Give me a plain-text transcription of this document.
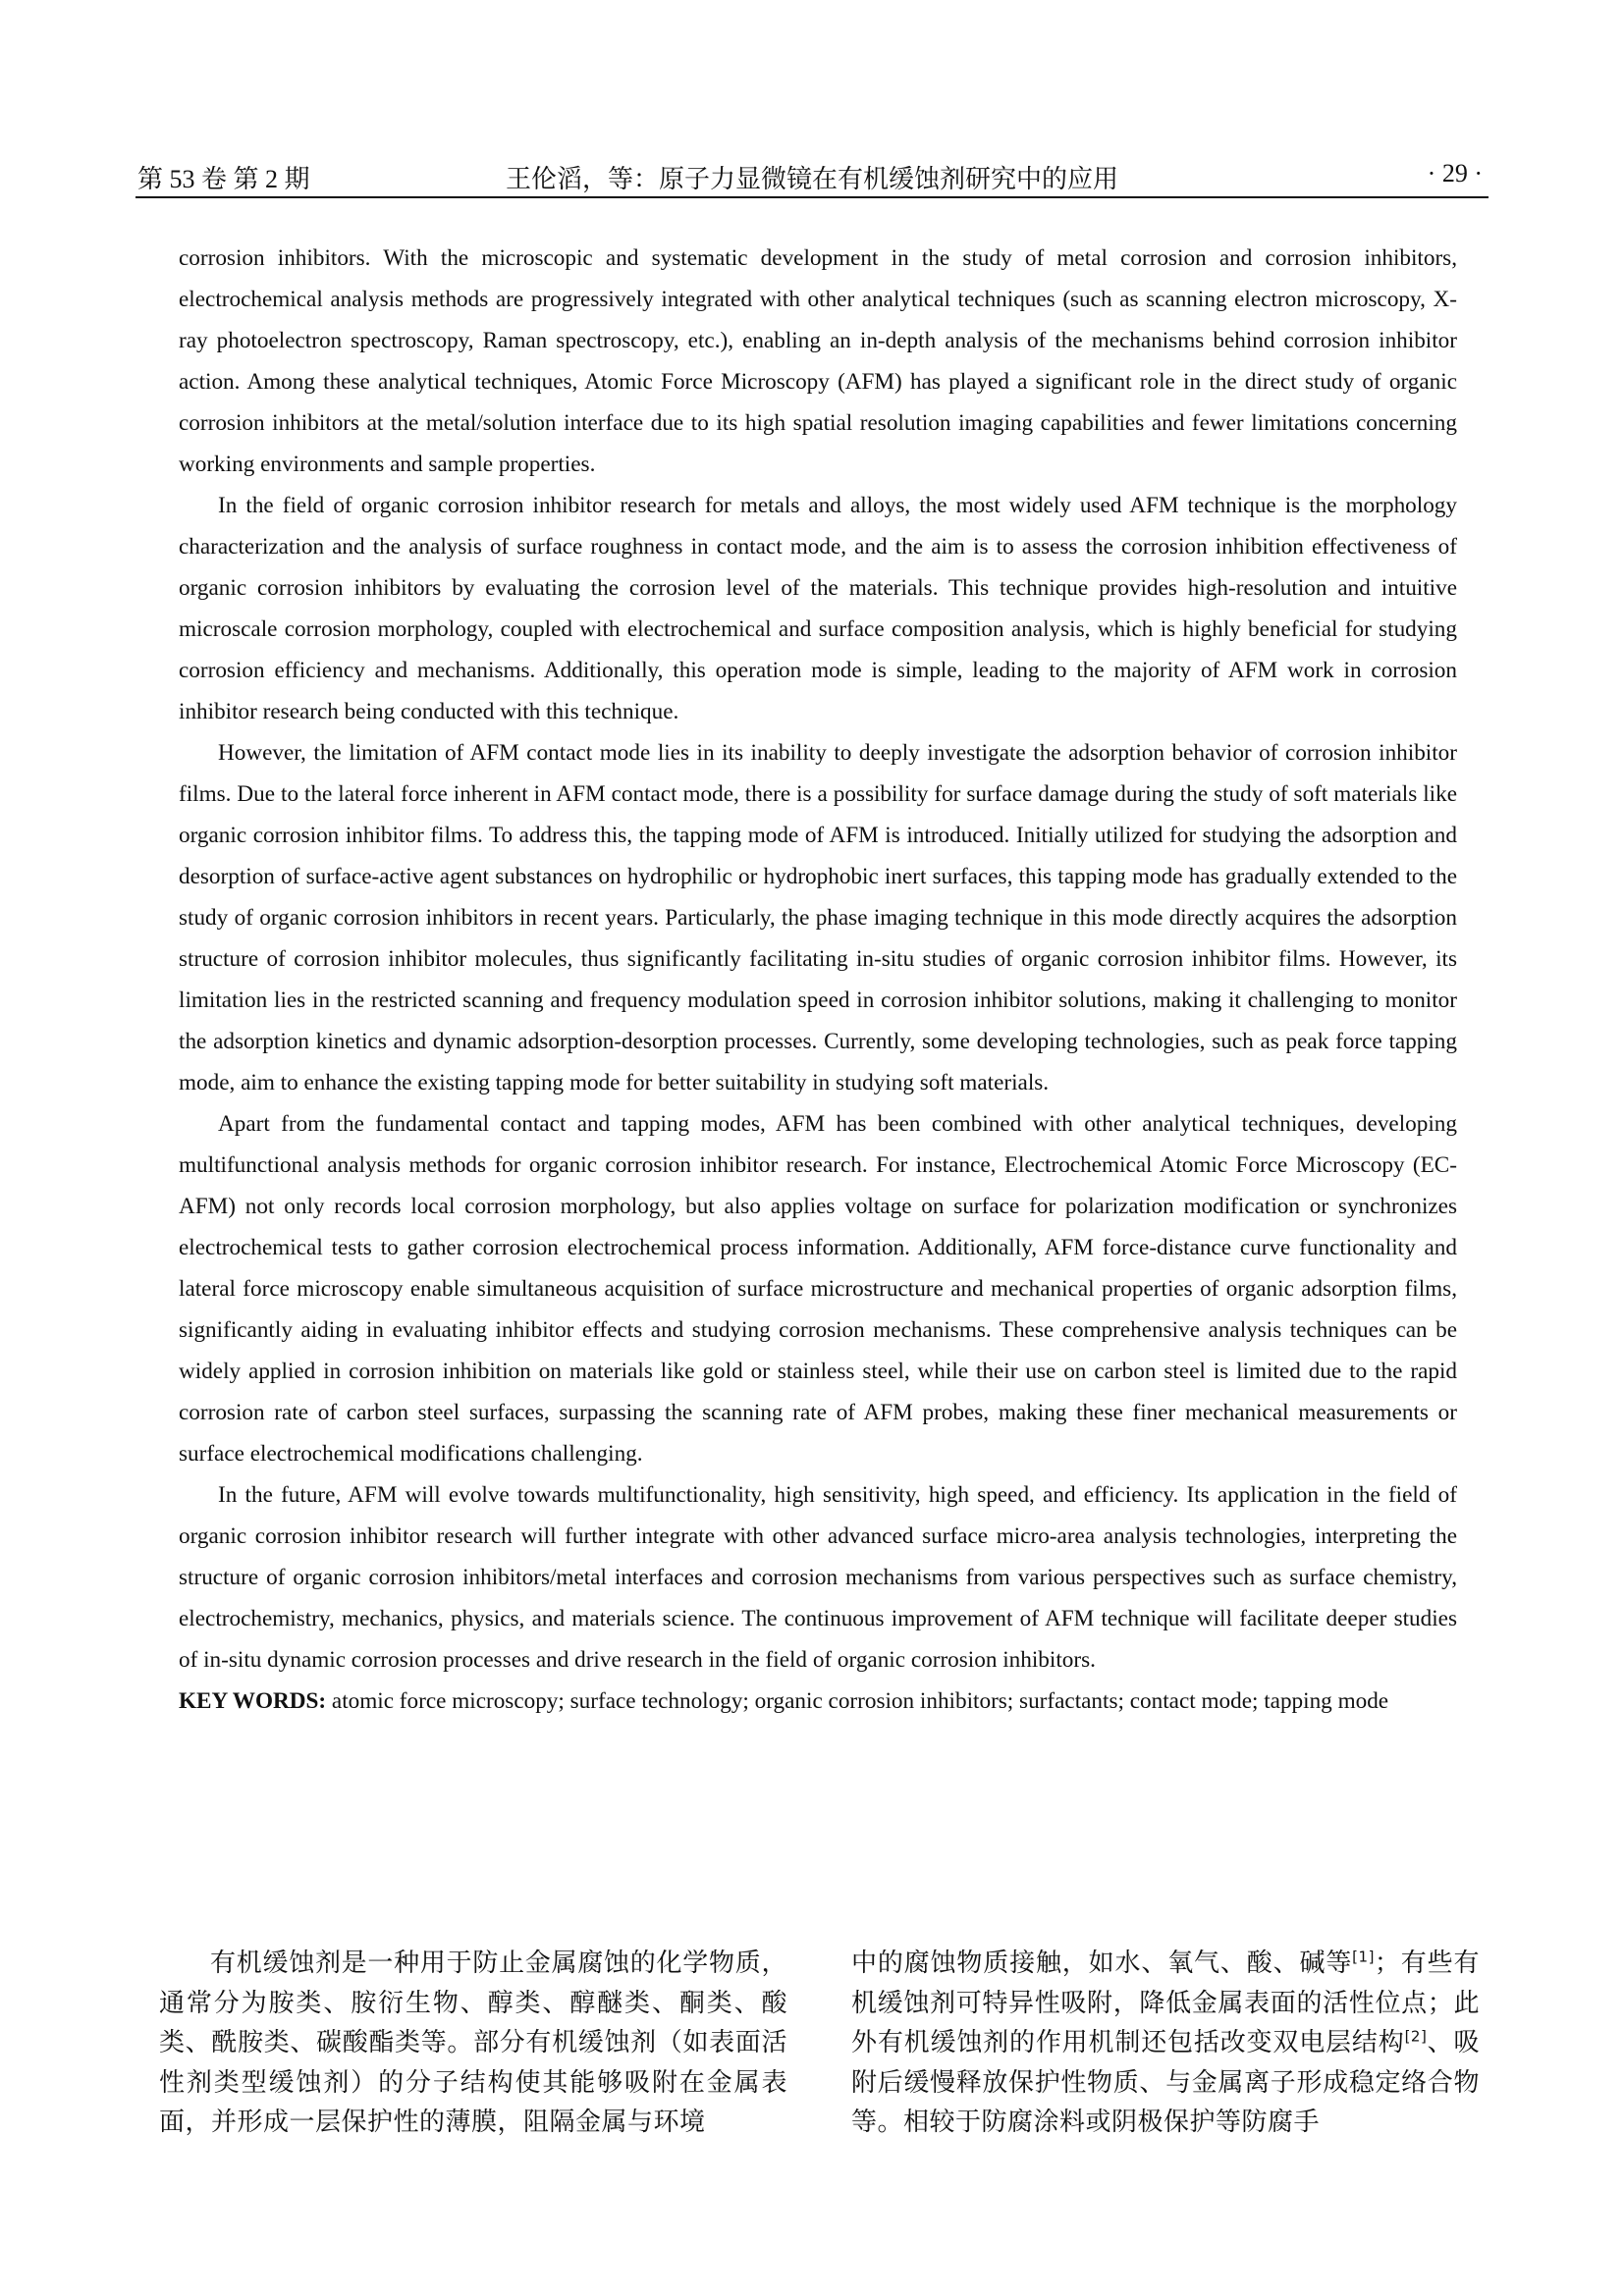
第 53 卷 第 2 期	王伦滔，等：原子力显微镜在有机缓蚀剂研究中的应用	· 29 ·

corrosion inhibitors. With the microscopic and systematic development in the study of metal corrosion and corrosion inhibitors, electrochemical analysis methods are progressively integrated with other analytical techniques (such as scanning electron microscopy, X-ray photoelectron spectroscopy, Raman spectroscopy, etc.), enabling an in-depth analysis of the mechanisms behind corrosion inhibitor action. Among these analytical techniques, Atomic Force Microscopy (AFM) has played a significant role in the direct study of organic corrosion inhibitors at the metal/solution interface due to its high spatial resolution imaging capabilities and fewer limitations concerning working environments and sample properties.

In the field of organic corrosion inhibitor research for metals and alloys, the most widely used AFM technique is the morphology characterization and the analysis of surface roughness in contact mode, and the aim is to assess the corrosion inhibition effectiveness of organic corrosion inhibitors by evaluating the corrosion level of the materials. This technique provides high-resolution and intuitive microscale corrosion morphology, coupled with electrochemical and surface composition analysis, which is highly beneficial for studying corrosion efficiency and mechanisms. Additionally, this operation mode is simple, leading to the majority of AFM work in corrosion inhibitor research being conducted with this technique.

However, the limitation of AFM contact mode lies in its inability to deeply investigate the adsorption behavior of corrosion inhibitor films. Due to the lateral force inherent in AFM contact mode, there is a possibility for surface damage during the study of soft materials like organic corrosion inhibitor films. To address this, the tapping mode of AFM is introduced. Initially utilized for studying the adsorption and desorption of surface-active agent substances on hydrophilic or hydrophobic inert surfaces, this tapping mode has gradually extended to the study of organic corrosion inhibitors in recent years. Particularly, the phase imaging technique in this mode directly acquires the adsorption structure of corrosion inhibitor molecules, thus significantly facilitating in-situ studies of organic corrosion inhibitor films. However, its limitation lies in the restricted scanning and frequency modulation speed in corrosion inhibitor solutions, making it challenging to monitor the adsorption kinetics and dynamic adsorption-desorption processes. Currently, some developing technologies, such as peak force tapping mode, aim to enhance the existing tapping mode for better suitability in studying soft materials.

Apart from the fundamental contact and tapping modes, AFM has been combined with other analytical techniques, developing multifunctional analysis methods for organic corrosion inhibitor research. For instance, Electrochemical Atomic Force Microscopy (EC-AFM) not only records local corrosion morphology, but also applies voltage on surface for polarization modification or synchronizes electrochemical tests to gather corrosion electrochemical process information. Additionally, AFM force-distance curve functionality and lateral force microscopy enable simultaneous acquisition of surface microstructure and mechanical properties of organic adsorption films, significantly aiding in evaluating inhibitor effects and studying corrosion mechanisms. These comprehensive analysis techniques can be widely applied in corrosion inhibition on materials like gold or stainless steel, while their use on carbon steel is limited due to the rapid corrosion rate of carbon steel surfaces, surpassing the scanning rate of AFM probes, making these finer mechanical measurements or surface electrochemical modifications challenging.

In the future, AFM will evolve towards multifunctionality, high sensitivity, high speed, and efficiency. Its application in the field of organic corrosion inhibitor research will further integrate with other advanced surface micro-area analysis technologies, interpreting the structure of organic corrosion inhibitors/metal interfaces and corrosion mechanisms from various perspectives such as surface chemistry, electrochemistry, mechanics, physics, and materials science. The continuous improvement of AFM technique will facilitate deeper studies of in-situ dynamic corrosion processes and drive research in the field of organic corrosion inhibitors.

KEY WORDS: atomic force microscopy; surface technology; organic corrosion inhibitors; surfactants; contact mode; tapping mode

有机缓蚀剂是一种用于防止金属腐蚀的化学物质，通常分为胺类、胺衍生物、醇类、醇醚类、酮类、酸类、酰胺类、碳酸酯类等。部分有机缓蚀剂（如表面活性剂类型缓蚀剂）的分子结构使其能够吸附在金属表面，并形成一层保护性的薄膜，阻隔金属与环境

中的腐蚀物质接触，如水、氧气、酸、碱等[1]；有些有机缓蚀剂可特异性吸附，降低金属表面的活性位点；此外有机缓蚀剂的作用机制还包括改变双电层结构[2]、吸附后缓慢释放保护性物质、与金属离子形成稳定络合物等。相较于防腐涂料或阴极保护等防腐手
